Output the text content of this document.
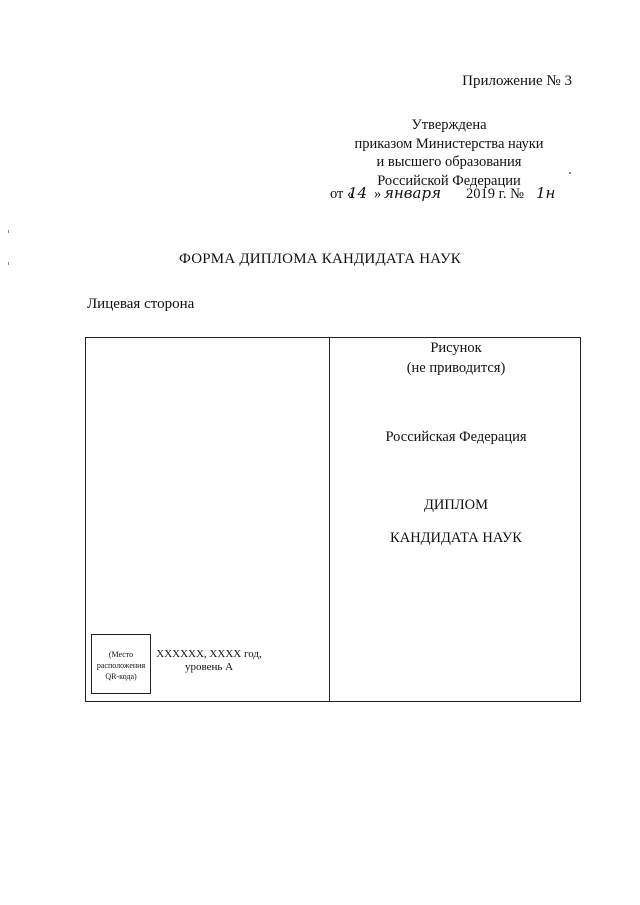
Приложение № 3
Утверждена
приказом Министерства науки
и высшего образования
Российской Федерации
от «
14 » января 2019 г. № 1н
ФОРМА ДИПЛОМА КАНДИДАТА НАУК
Лицевая сторона
Рисунок
(не приводится)
Российская Федерация
ДИПЛОМ
КАНДИДАТА НАУК
(Место
расположения
QR-кода)
XXXXXX, XXXX год,
уровень А
